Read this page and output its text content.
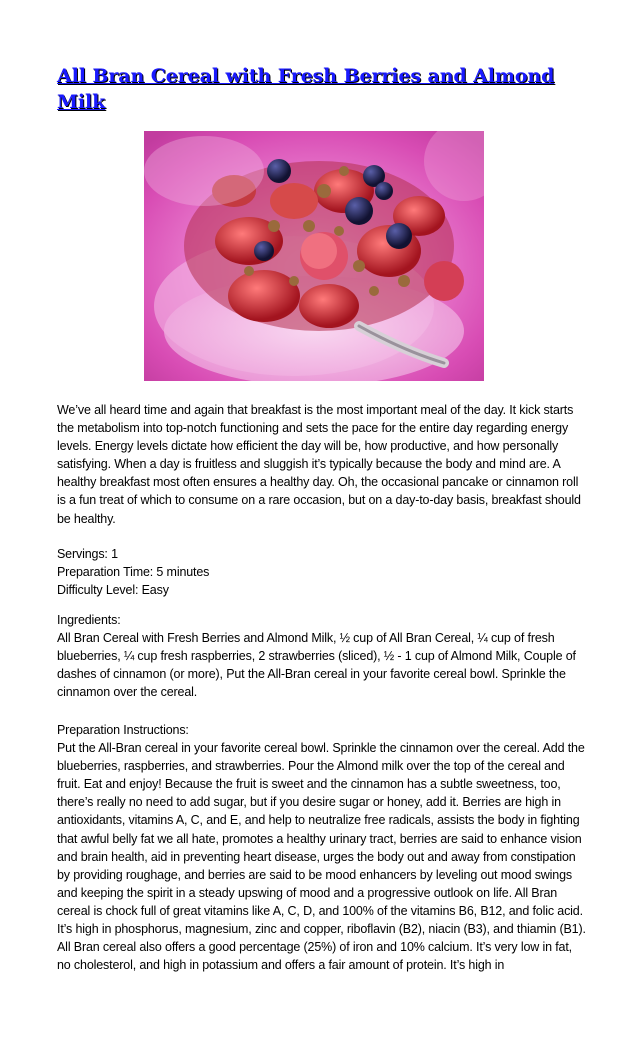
All Bran Cereal with Fresh Berries and Almond Milk

We’ve all heard time and again that breakfast is the most important meal of the day. It kick starts the metabolism into top-notch functioning and sets the pace for the entire day regarding energy levels. Energy levels dictate how efficient the day will be, how productive, and how personally satisfying. When a day is fruitless and sluggish it’s typically because the body and mind are. A healthy breakfast most often ensures a healthy day. Oh, the occasional pancake or cinnamon roll is a fun treat of which to consume on a rare occasion, but on a day-to-day basis, breakfast should be healthy.

Servings: 1

Preparation Time: 5 minutes

Difficulty Level: Easy

Ingredients:

All Bran Cereal with Fresh Berries and Almond Milk, ½ cup of All Bran Cereal, ¼ cup of fresh blueberries, ¼ cup fresh raspberries, 2 strawberries (sliced), ½ - 1 cup of Almond Milk, Couple of dashes of cinnamon (or more), Put the All-Bran cereal in your favorite cereal bowl. Sprinkle the cinnamon over the cereal.

Preparation Instructions:

Put the All-Bran cereal in your favorite cereal bowl. Sprinkle the cinnamon over the cereal. Add the blueberries, raspberries, and strawberries. Pour the Almond milk over the top of the cereal and fruit. Eat and enjoy! Because the fruit is sweet and the cinnamon has a subtle sweetness, too, there’s really no need to add sugar, but if you desire sugar or honey, add it. Berries are high in antioxidants, vitamins A, C, and E, and help to neutralize free radicals, assists the body in fighting that awful belly fat we all hate, promotes a healthy urinary tract, berries are said to enhance vision and brain health, aid in preventing heart disease, urges the body out and away from constipation by providing roughage, and berries are said to be mood enhancers by leveling out mood swings and keeping the spirit in a steady upswing of mood and a progressive outlook on life. All Bran cereal is chock full of great vitamins like A, C, D, and 100% of the vitamins B6, B12, and folic acid. It’s high in phosphorus, magnesium, zinc and copper, riboflavin (B2), niacin (B3), and thiamin (B1). All Bran cereal also offers a good percentage (25%) of iron and 10% calcium. It’s very low in fat, no cholesterol, and high in potassium and offers a fair amount of protein. It’s high in
